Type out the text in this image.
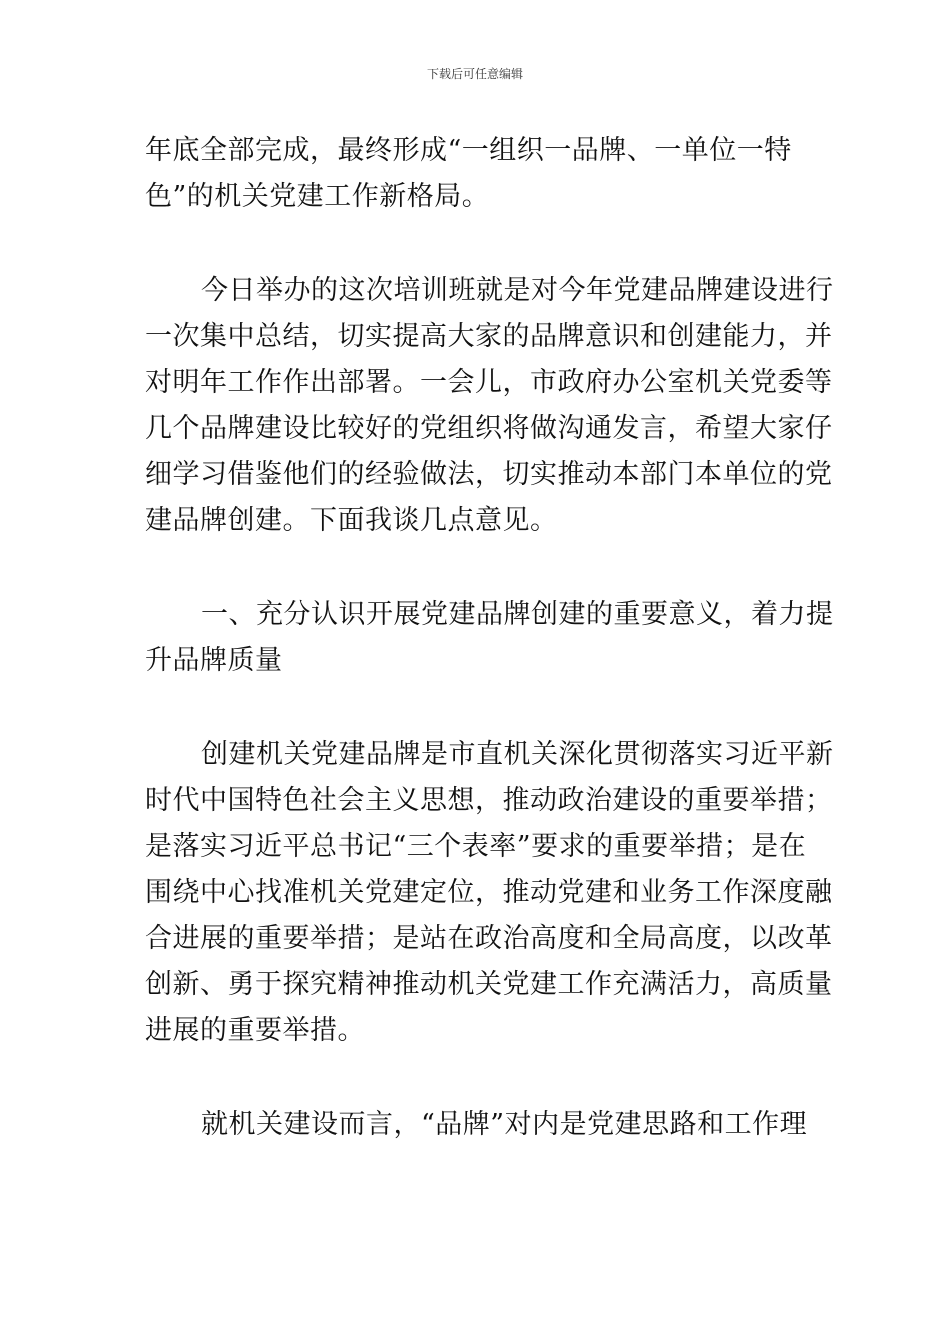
下载后可任意编辑

年底全部完成，最终形成“一组织一品牌、一单位一特
色”的机关党建工作新格局。

今日举办的这次培训班就是对今年党建品牌建设进行
一次集中总结，切实提高大家的品牌意识和创建能力，并
对明年工作作出部署。一会儿，市政府办公室机关党委等
几个品牌建设比较好的党组织将做沟通发言，希望大家仔
细学习借鉴他们的经验做法，切实推动本部门本单位的党
建品牌创建。下面我谈几点意见。

一、充分认识开展党建品牌创建的重要意义，着力提
升品牌质量

创建机关党建品牌是市直机关深化贯彻落实习近平新
时代中国特色社会主义思想，推动政治建设的重要举措；
是落实习近平总书记“三个表率”要求的重要举措；是在
围绕中心找准机关党建定位，推动党建和业务工作深度融
合进展的重要举措；是站在政治高度和全局高度，以改革
创新、勇于探究精神推动机关党建工作充满活力，高质量
进展的重要举措。

就机关建设而言，“品牌”对内是党建思路和工作理
